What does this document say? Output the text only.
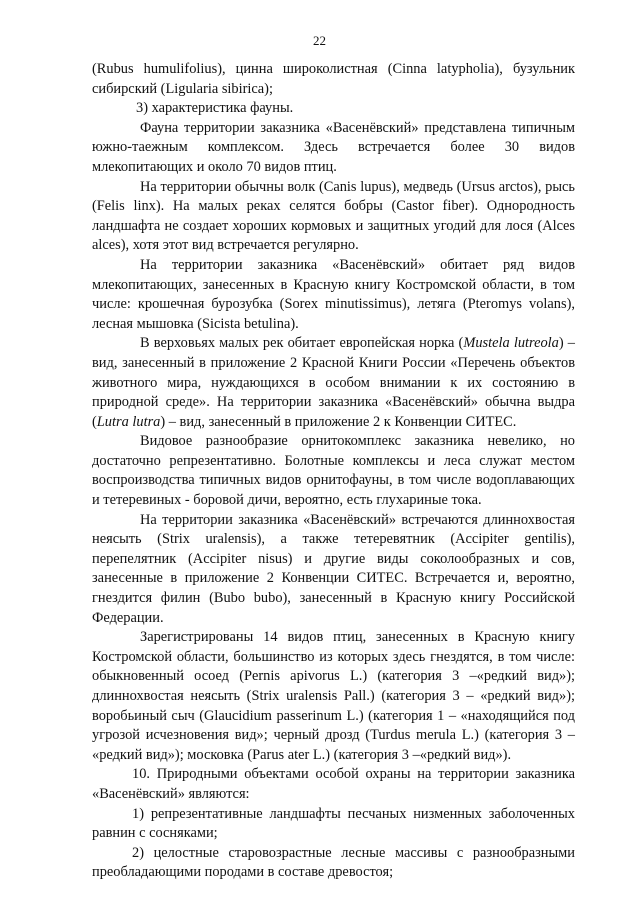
22

(Rubus humulifolius), цинна широколистная (Cinna latypholia), бузульник сибирский (Ligularia sibirica);

3) характеристика фауны.

Фауна территории заказника «Васенёвский» представлена типичным южно-таежным комплексом. Здесь встречается более 30 видов млекопитающих и около 70 видов птиц.

На территории обычны волк (Canis lupus), медведь (Ursus arctos), рысь (Felis linx). На малых реках селятся бобры (Castor fiber). Однородность ландшафта не создает хороших кормовых и защитных угодий для лося (Alces alces), хотя этот вид встречается регулярно.

На территории заказника «Васенёвский» обитает ряд видов млекопитающих, занесенных в Красную книгу Костромской области, в том числе: крошечная бурозубка (Sorex minutissimus), летяга (Pteromys volans), лесная мышовка (Sicista betulina).

В верховьях малых рек обитает европейская норка (Mustela lutreola) – вид, занесенный в приложение 2 Красной Книги России «Перечень объектов животного мира, нуждающихся в особом внимании к их состоянию в природной среде». На территории заказника «Васенёвский» обычна выдра (Lutra lutra) – вид, занесенный в приложение 2 к Конвенции СИТЕС.

Видовое разнообразие орнитокомплекс заказника невелико, но достаточно репрезентативно. Болотные комплексы и леса служат местом воспроизводства типичных видов орнитофауны, в том числе водоплавающих и тетеревиных - боровой дичи, вероятно, есть глухариные тока.

На территории заказника «Васенёвский» встречаются длиннохвостая неясыть (Strix uralensis), а также тетеревятник (Accipiter gentilis), перепелятник (Accipiter nisus) и другие виды соколообразных и сов, занесенные в приложение 2 Конвенции СИТЕС. Встречается и, вероятно, гнездится филин (Bubo bubo), занесенный в Красную книгу Российской Федерации.

Зарегистрированы 14 видов птиц, занесенных в Красную книгу Костромской области, большинство из которых здесь гнездятся, в том числе: обыкновенный осоед (Pernis apivorus L.) (категория 3 –«редкий вид»); длиннохвостая неясыть (Strix uralensis Pall.) (категория 3 – «редкий вид»); воробьиный сыч (Glaucidium passerinum L.) (категория 1 – «находящийся под угрозой исчезновения вид»; черный дрозд (Turdus merula L.) (категория 3 – «редкий вид»); московка (Parus ater L.) (категория 3 –«редкий вид»).

10. Природными объектами особой охраны на территории заказника «Васенёвский» являются:

1) репрезентативные ландшафты песчаных низменных заболоченных равнин с сосняками;

2) целостные старовозрастные лесные массивы с разнообразными преобладающими породами в составе древостоя;
